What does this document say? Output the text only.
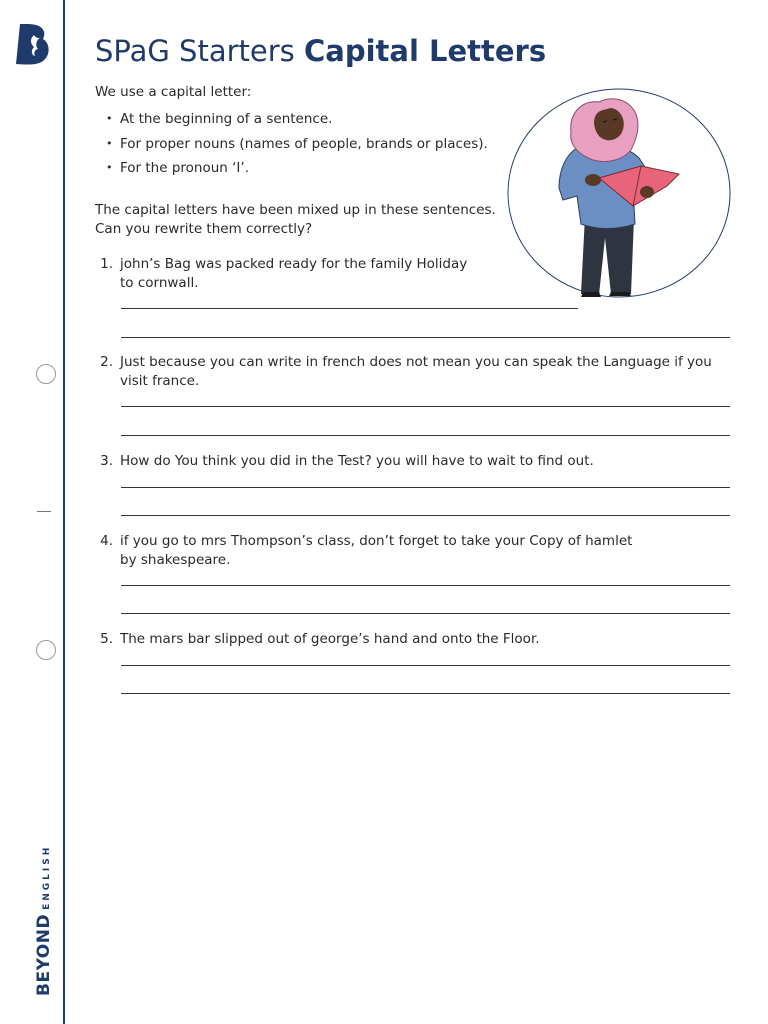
BEYONDENGLISH
SPaG Starters Capital Letters

We use a capital letter:

• At the beginning of a sentence.
• For proper nouns (names of people, brands or places).
• For the pronoun ‘I’.

The capital letters have been mixed up in these sentences.
Can you rewrite them correctly?

1. john’s Bag was packed ready for the family Holiday
to cornwall.
2. Just because you can write in french does not mean you can speak the Language if you
visit france.
3. How do You think you did in the Test? you will have to wait to find out.
4. if you go to mrs Thompson’s class, don’t forget to take your Copy of hamlet
by shakespeare.
5. The mars bar slipped out of george’s hand and onto the Floor.
